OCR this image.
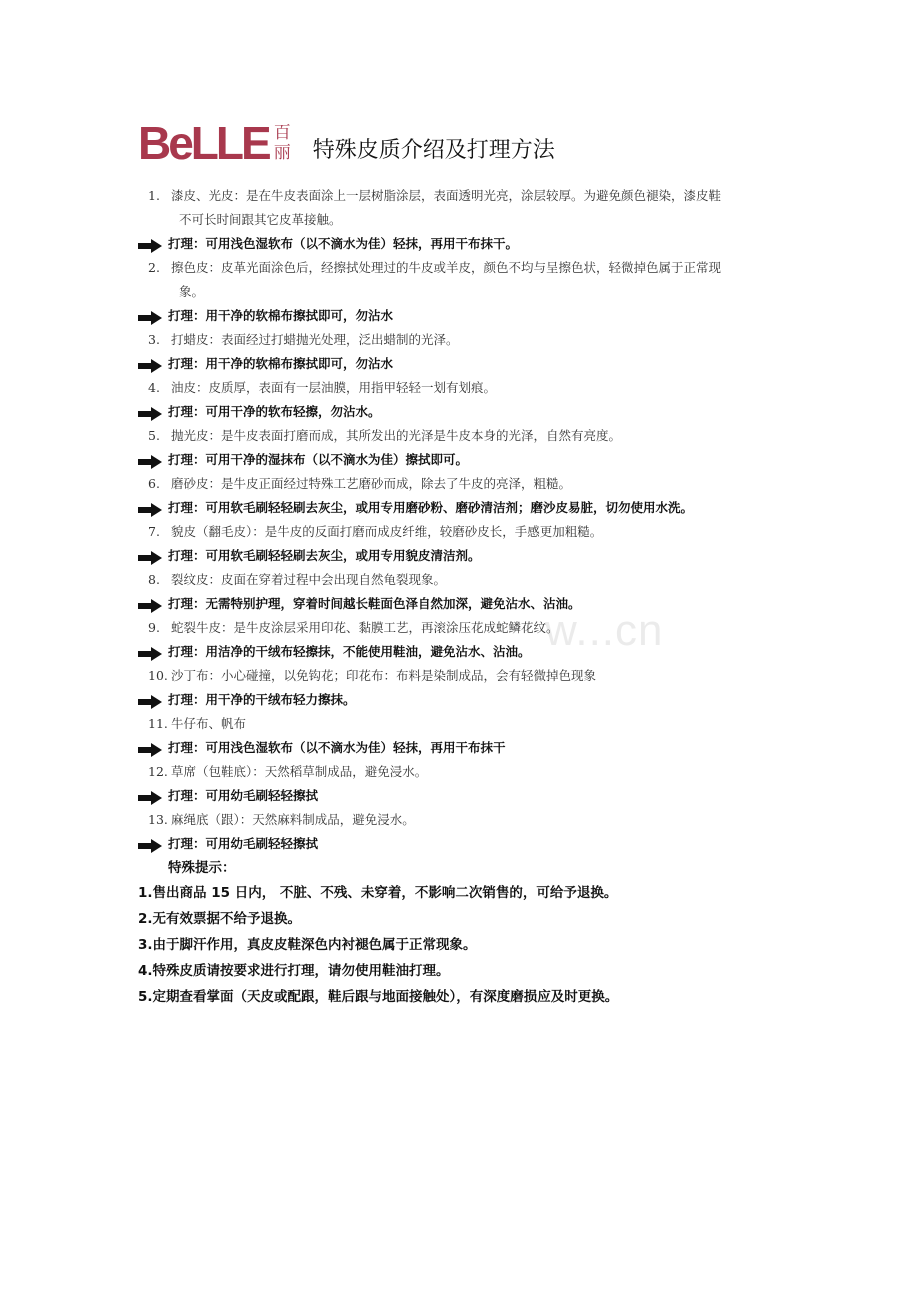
BeLLE 百
丽 特殊皮质介绍及打理方法
1. 漆皮、光皮：是在牛皮表面涂上一层树脂涂层，表面透明光亮，涂层较厚。为避免颜色褪染，漆皮鞋
不可长时间跟其它皮革接触。
打理：可用浅色湿软布（以不滴水为佳）轻抹，再用干布抹干。
2. 擦色皮：皮革光面涂色后，经擦拭处理过的牛皮或羊皮，颜色不均与呈擦色状，轻微掉色属于正常现
象。
打理：用干净的软棉布擦拭即可，勿沾水
3. 打蜡皮：表面经过打蜡抛光处理，泛出蜡制的光泽。
打理：用干净的软棉布擦拭即可，勿沾水
4. 油皮：皮质厚，表面有一层油膜，用指甲轻轻一划有划痕。
打理：可用干净的软布轻擦，勿沾水。
5. 抛光皮：是牛皮表面打磨而成，其所发出的光泽是牛皮本身的光泽，自然有亮度。
打理：可用干净的湿抹布（以不滴水为佳）擦拭即可。
6. 磨砂皮：是牛皮正面经过特殊工艺磨砂而成，除去了牛皮的亮泽，粗糙。
打理：可用软毛刷轻轻刷去灰尘，或用专用磨砂粉、磨砂清洁剂；磨沙皮易脏，切勿使用水洗。
7. 貌皮（翻毛皮）：是牛皮的反面打磨而成皮纤维，较磨砂皮长，手感更加粗糙。
打理：可用软毛刷轻轻刷去灰尘，或用专用貌皮清洁剂。
8. 裂纹皮：皮面在穿着过程中会出现自然龟裂现象。
打理：无需特别护理，穿着时间越长鞋面色泽自然加深，避免沾水、沾油。
9. 蛇裂牛皮：是牛皮涂层采用印花、黏膜工艺，再滚涂压花成蛇鳞花纹。
打理：用洁净的干绒布轻擦抹，不能使用鞋油，避免沾水、沾油。
10. 沙丁布：小心碰撞，以免钩花；印花布：布料是染制成品，会有轻微掉色现象
打理：用干净的干绒布轻力擦抹。
11. 牛仔布、帆布
打理：可用浅色湿软布（以不滴水为佳）轻抹，再用干布抹干
12. 草席（包鞋底）：天然稻草制成品，避免浸水。
打理：可用幼毛刷轻轻擦拭
13. 麻绳底（跟）：天然麻料制成品，避免浸水。
打理：可用幼毛刷轻轻擦拭
特殊提示：
1.售出商品 15 日内， 不脏、不残、未穿着，不影响二次销售的，可给予退换。
2.无有效票据不给予退换。
3.由于脚汗作用，真皮皮鞋深色内衬褪色属于正常现象。
4.特殊皮质请按要求进行打理，请勿使用鞋油打理。
5.定期查看掌面（天皮或配跟，鞋后跟与地面接触处），有深度磨损应及时更换。
w...cn
